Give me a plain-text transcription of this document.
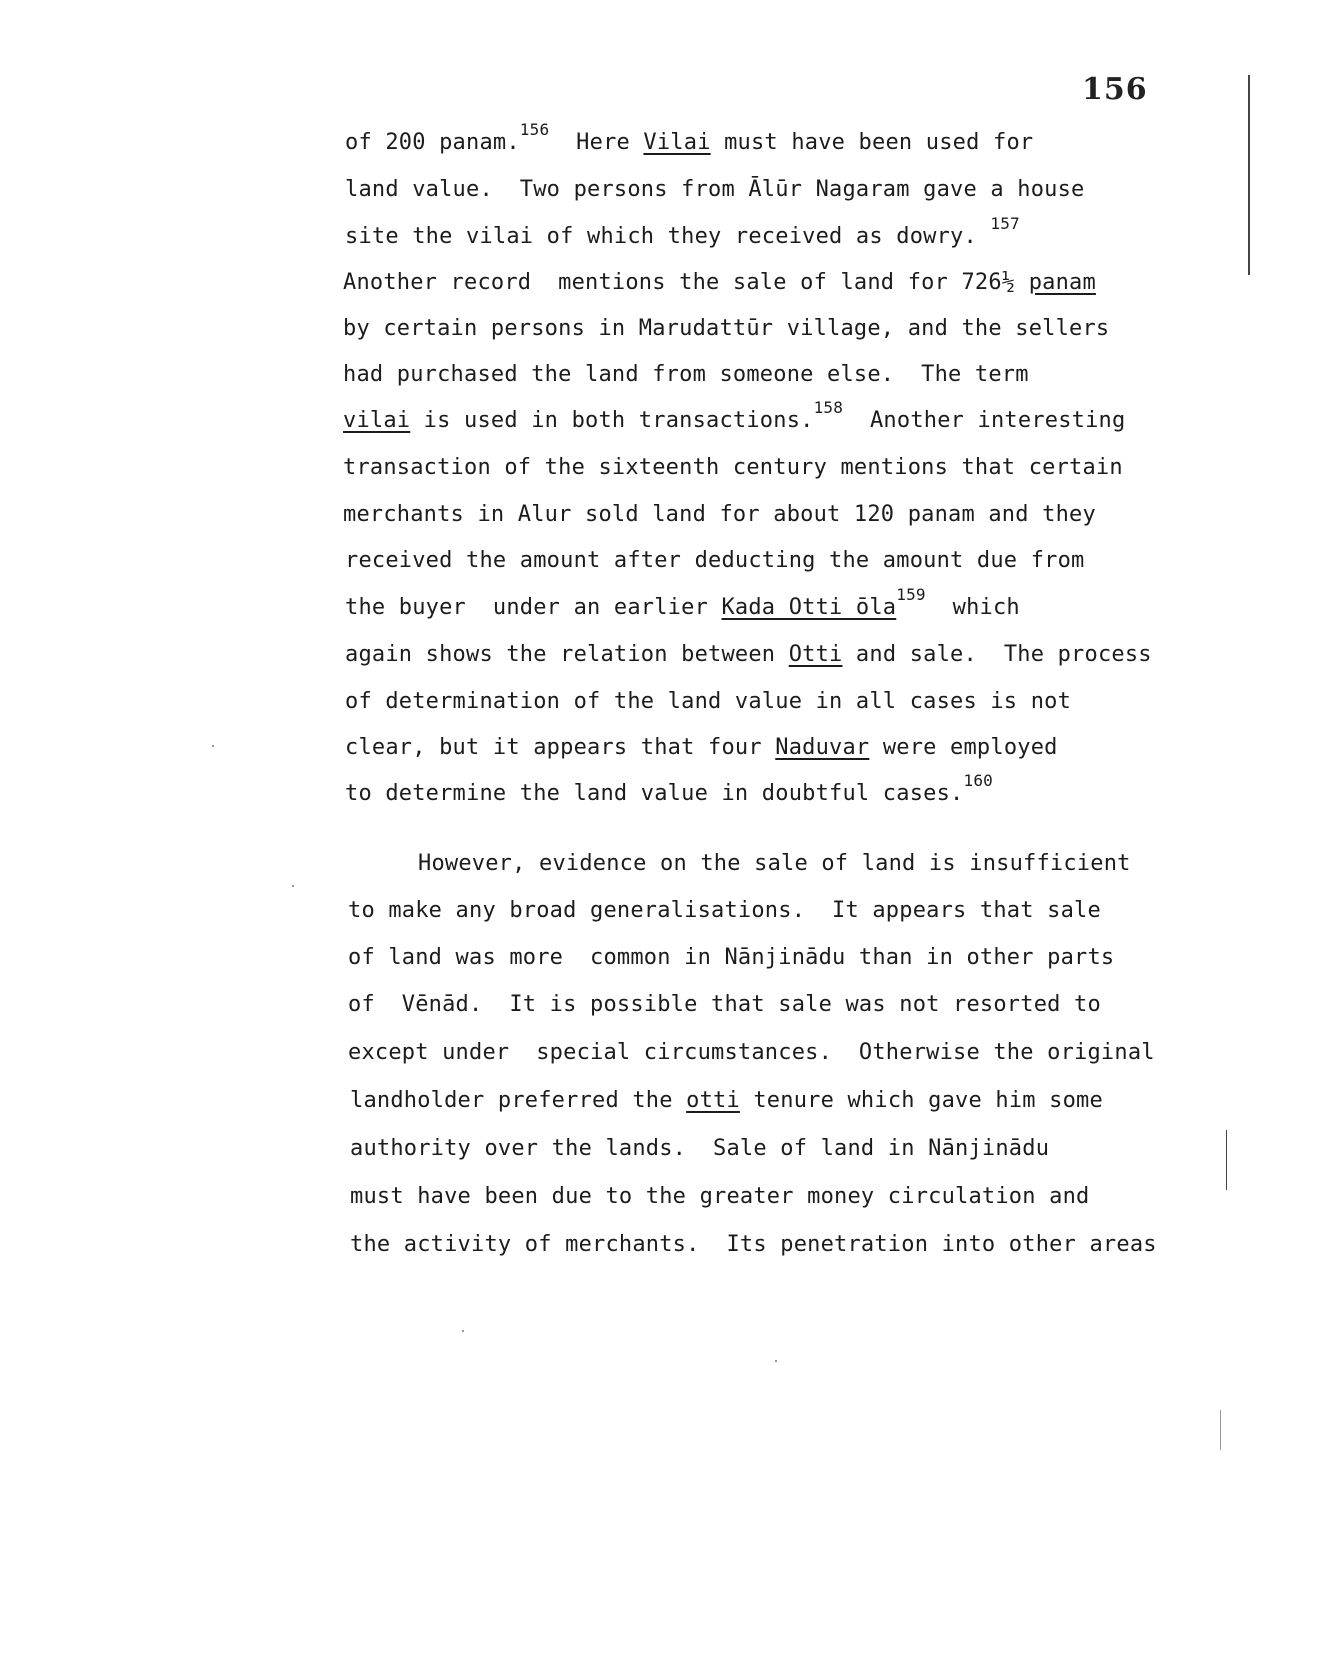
156
of 200 panam.$^{156}$  Here Vilai must have been used for
land value.  Two persons from Ālūr Nagaram gave a house
site the vilai of which they received as dowry. $^{157}$
Another record  mentions the sale of land for 726½ panam
by certain persons in Marudattūr village, and the sellers
had purchased the land from someone else.  The term
vilai is used in both transactions.$^{158}$  Another interesting
transaction of the sixteenth century mentions that certain
merchants in Alur sold land for about 120 panam and they
received the amount after deducting the amount due from
the buyer  under an earlier Kada Otti ōla$^{159}$  which
again shows the relation between Otti and sale.  The process
of determination of the land value in all cases is not
clear, but it appears that four Naduvar were employed
to determine the land value in doubtful cases.$^{160}$
However, evidence on the sale of land is insufficient
to make any broad generalisations.  It appears that sale
of land was more  common in Nānjinādu than in other parts
of  Vēnād.  It is possible that sale was not resorted to
except under  special circumstances.  Otherwise the original
landholder preferred the otti tenure which gave him some
authority over the lands.  Sale of land in Nānjinādu
must have been due to the greater money circulation and
the activity of merchants.  Its penetration into other areas
